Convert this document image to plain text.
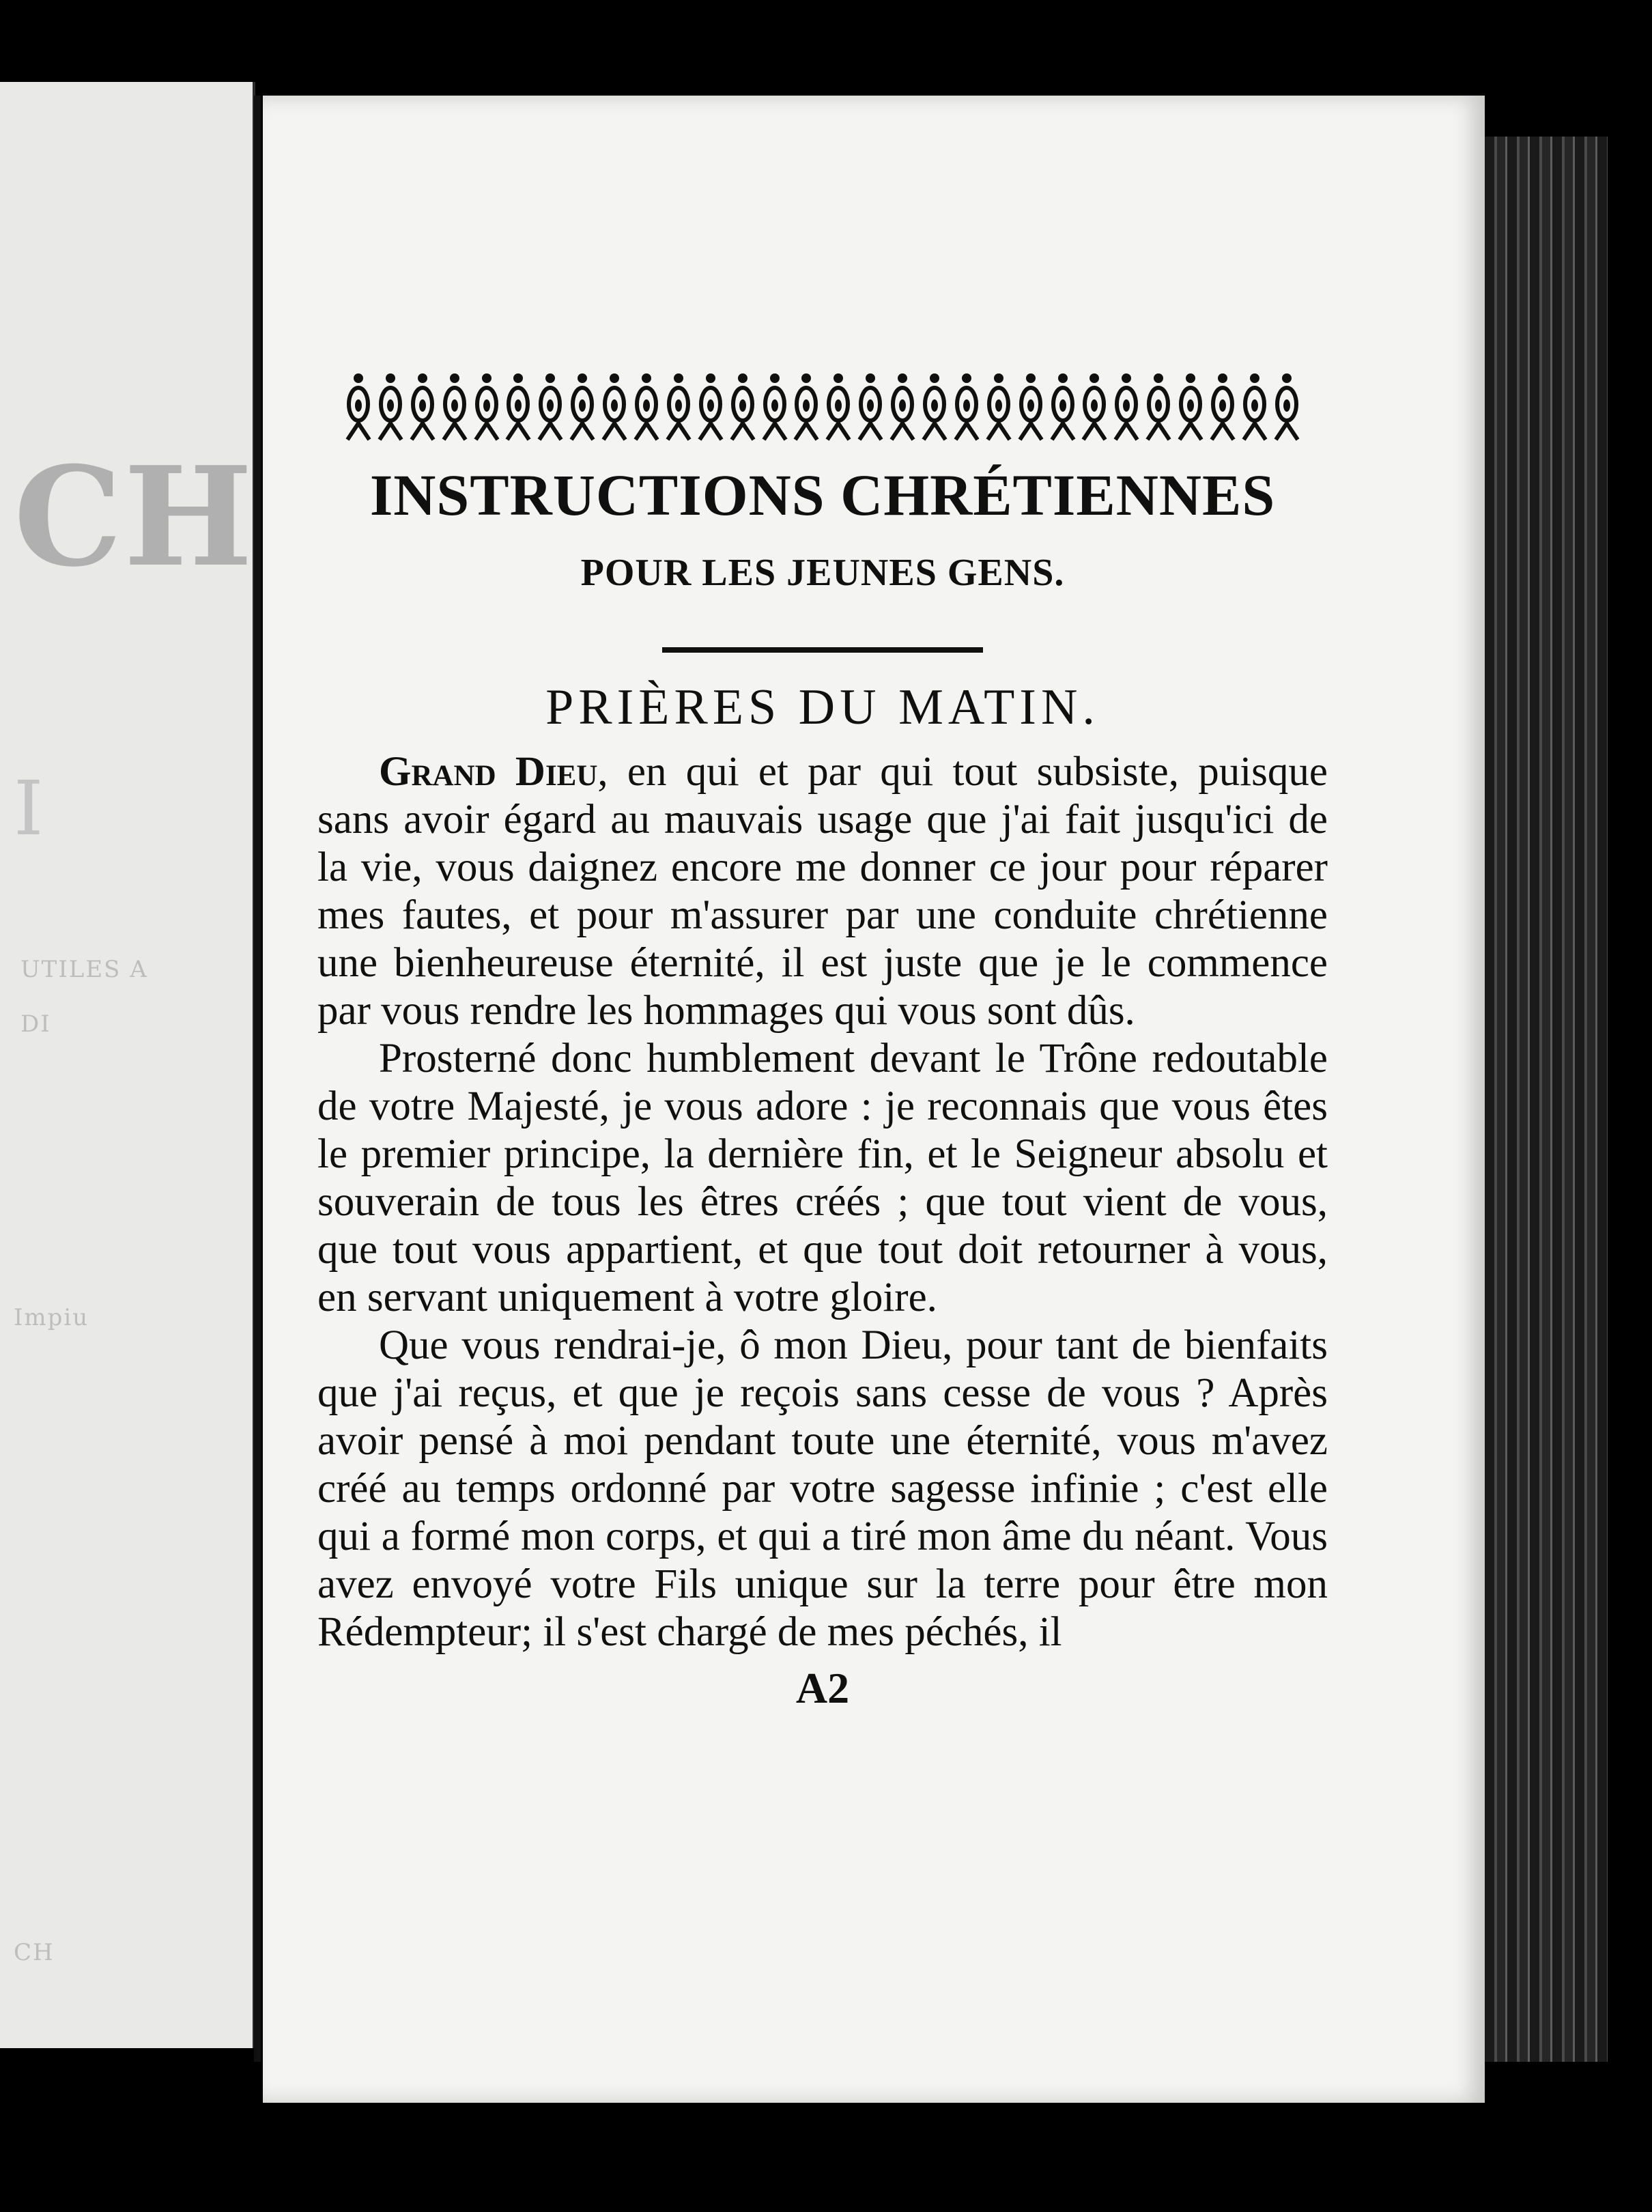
CH
I
UTILES A
DI
Impiu
CH
INSTRUCTIONS CHRÉTIENNES
POUR LES JEUNES GENS.
PRIÈRES DU MATIN.

Grand Dieu, en qui et par qui tout subsiste, puisque sans avoir égard au mauvais usage que j'ai fait jusqu'ici de la vie, vous daignez encore me donner ce jour pour réparer mes fautes, et pour m'assurer par une conduite chrétienne une bienheureuse éternité, il est juste que je le commence par vous rendre les hommages qui vous sont dûs.

Prosterné donc humblement devant le Trône redoutable de votre Majesté, je vous adore : je reconnais que vous êtes le premier principe, la dernière fin, et le Seigneur absolu et souverain de tous les êtres créés ; que tout vient de vous, que tout vous appartient, et que tout doit retourner à vous, en servant uniquement à votre gloire.

Que vous rendrai-je, ô mon Dieu, pour tant de bienfaits que j'ai reçus, et que je reçois sans cesse de vous ? Après avoir pensé à moi pendant toute une éternité, vous m'avez créé au temps ordonné par votre sagesse infinie ; c'est elle qui a formé mon corps, et qui a tiré mon âme du néant. Vous avez envoyé votre Fils unique sur la terre pour être mon Rédempteur; il s'est chargé de mes péchés, il

A2
